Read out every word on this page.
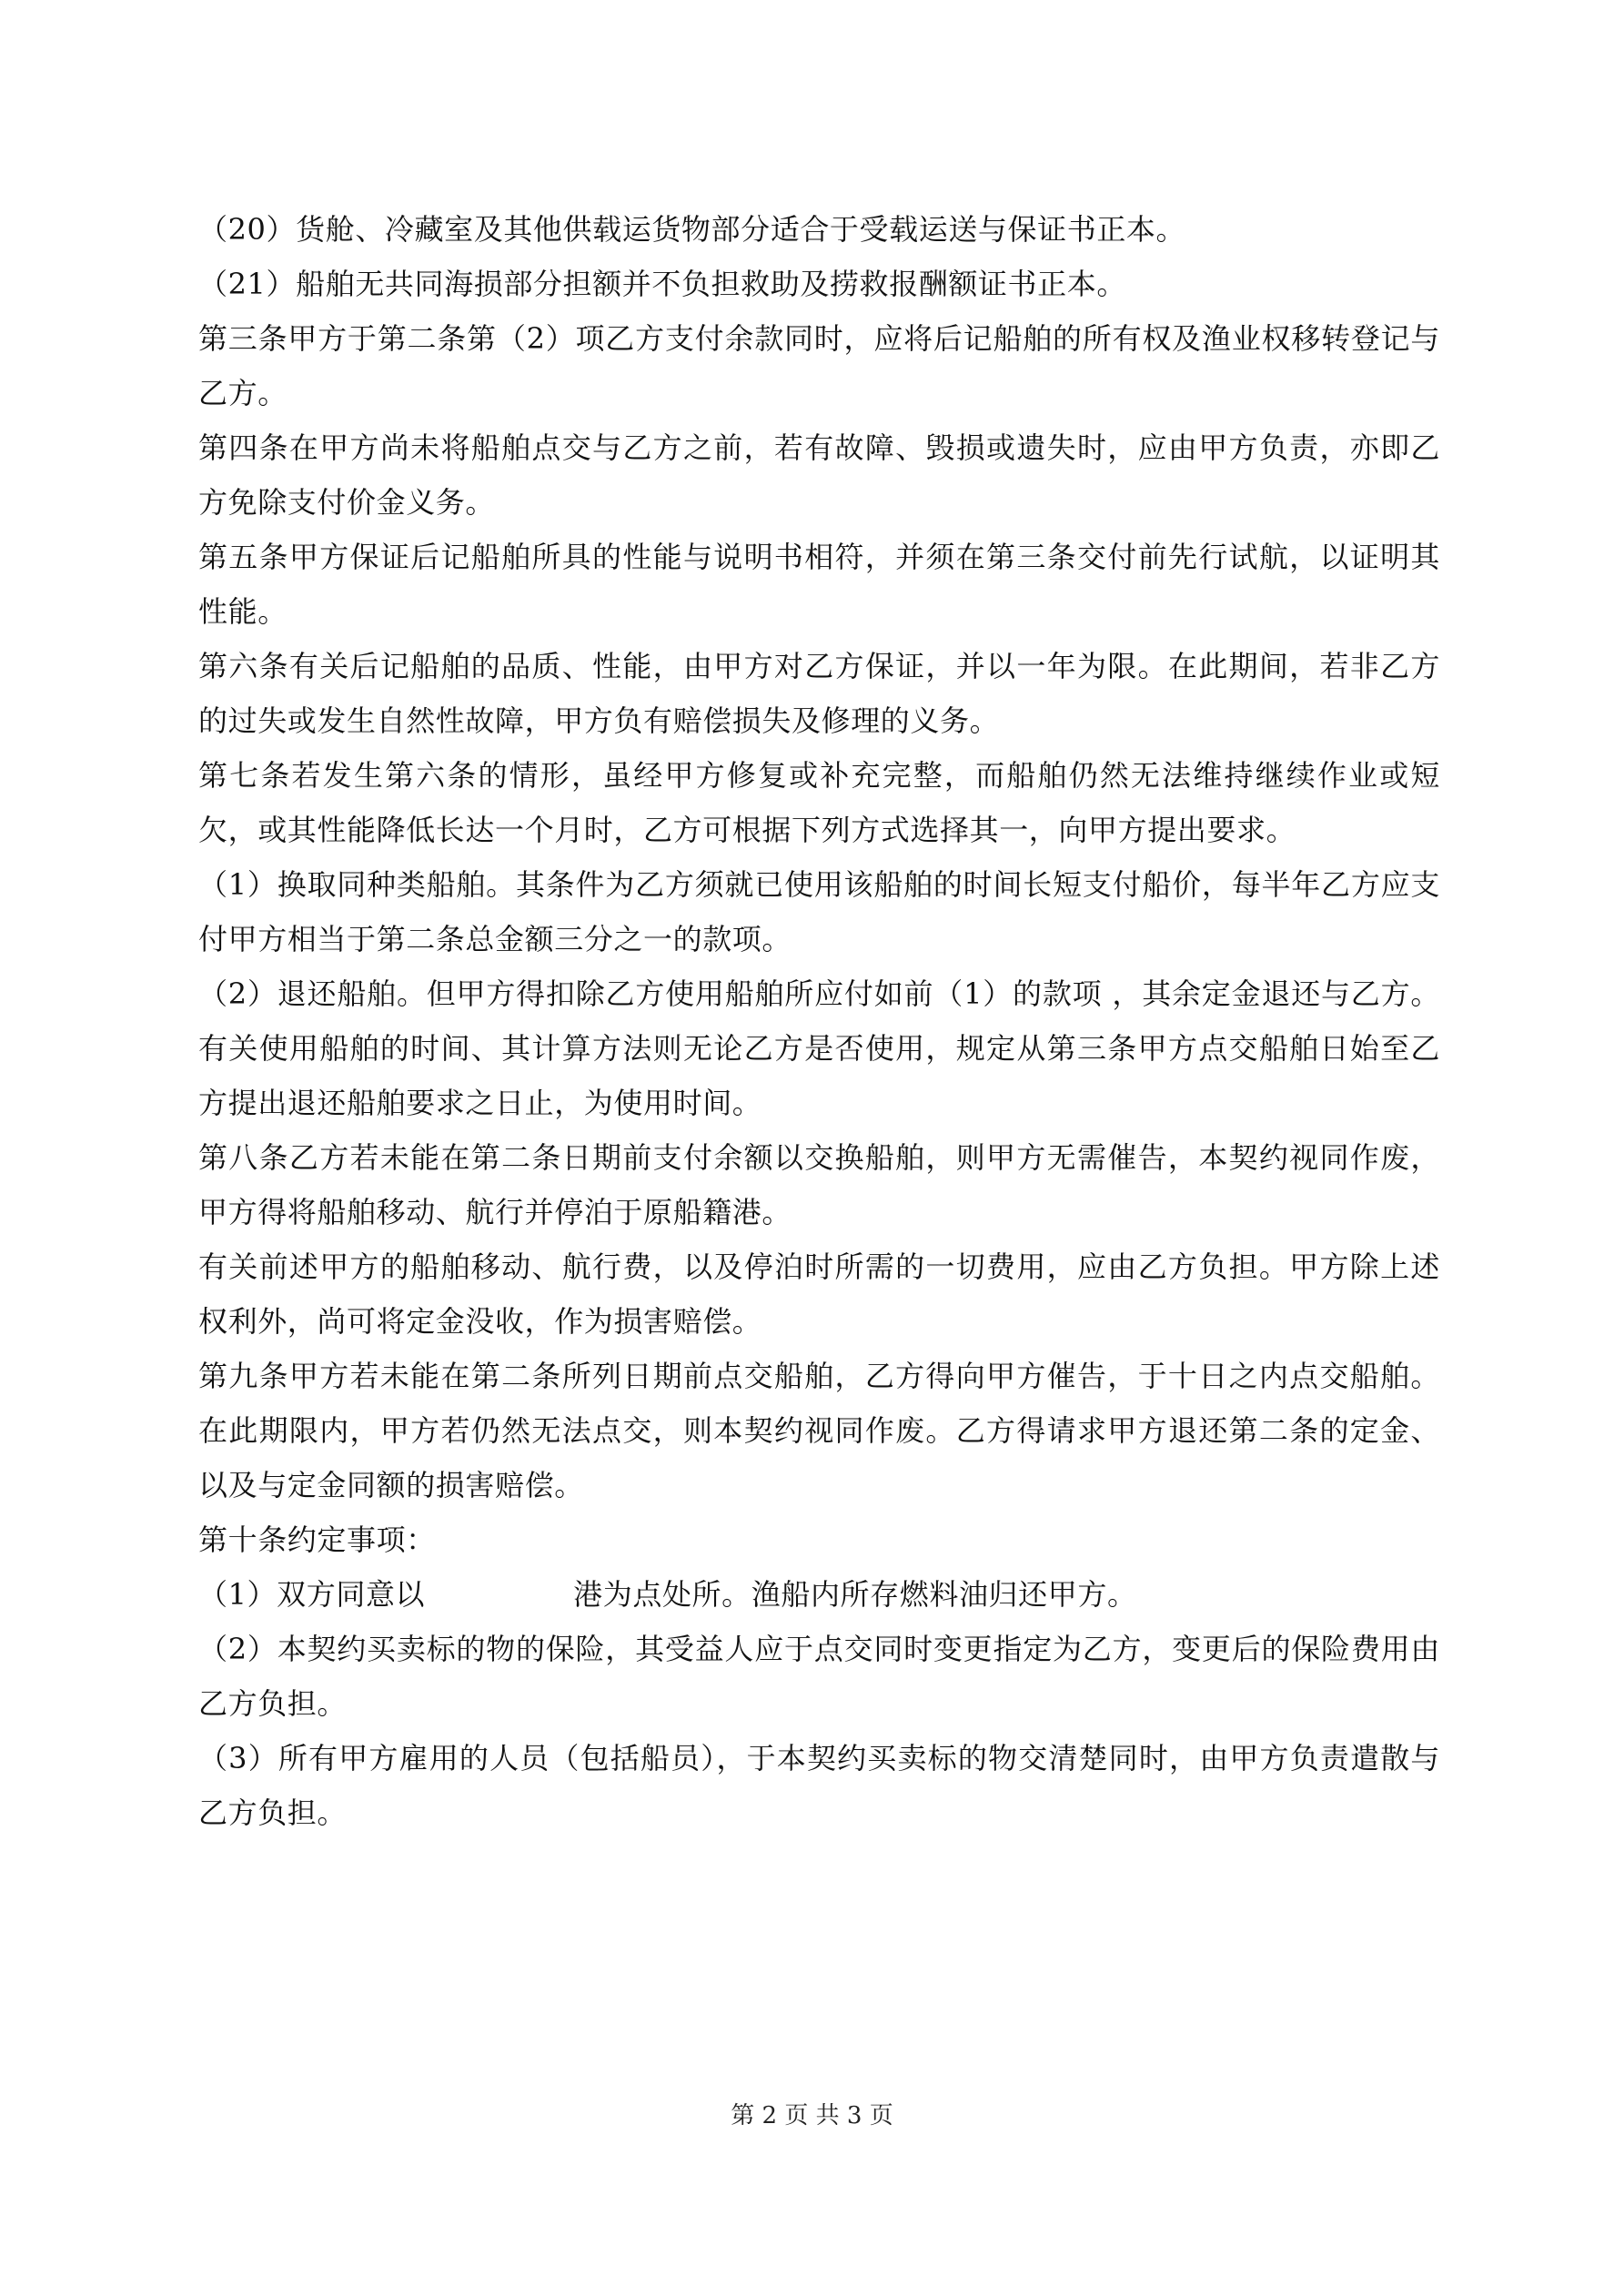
（20）货舱、冷藏室及其他供载运货物部分适合于受载运送与保证书正本。

（21）船舶无共同海损部分担额并不负担救助及捞救报酬额证书正本。

第三条甲方于第二条第（2）项乙方支付余款同时，应将后记船舶的所有权及渔业权移转登记与乙方。

第四条在甲方尚未将船舶点交与乙方之前，若有故障、毁损或遗失时，应由甲方负责，亦即乙方免除支付价金义务。

第五条甲方保证后记船舶所具的性能与说明书相符，并须在第三条交付前先行试航，以证明其性能。

第六条有关后记船舶的品质、性能，由甲方对乙方保证，并以一年为限。在此期间，若非乙方的过失或发生自然性故障，甲方负有赔偿损失及修理的义务。

第七条若发生第六条的情形，虽经甲方修复或补充完整，而船舶仍然无法维持继续作业或短欠，或其性能降低长达一个月时，乙方可根据下列方式选择其一，向甲方提出要求。

（1）换取同种类船舶。其条件为乙方须就已使用该船舶的时间长短支付船价，每半年乙方应支付甲方相当于第二条总金额三分之一的款项。

（2）退还船舶。但甲方得扣除乙方使用船舶所应付如前（1）的款项 ，其余定金退还与乙方。有关使用船舶的时间、其计算方法则无论乙方是否使用，规定从第三条甲方点交船舶日始至乙方提出退还船舶要求之日止，为使用时间。

第八条乙方若未能在第二条日期前支付余额以交换船舶，则甲方无需催告，本契约视同作废，甲方得将船舶移动、航行并停泊于原船籍港。

有关前述甲方的船舶移动、航行费，以及停泊时所需的一切费用，应由乙方负担。甲方除上述权利外，尚可将定金没收，作为损害赔偿。

第九条甲方若未能在第二条所列日期前点交船舶，乙方得向甲方催告，于十日之内点交船舶。在此期限内，甲方若仍然无法点交，则本契约视同作废。乙方得请求甲方退还第二条的定金、以及与定金同额的损害赔偿。

第十条约定事项：

（1）双方同意以　　　　　港为点处所。渔船内所存燃料油归还甲方。

（2）本契约买卖标的物的保险，其受益人应于点交同时变更指定为乙方，变更后的保险费用由乙方负担。

（3）所有甲方雇用的人员（包括船员），于本契约买卖标的物交清楚同时，由甲方负责遣散与乙方负担。

第 2 页 共 3 页
